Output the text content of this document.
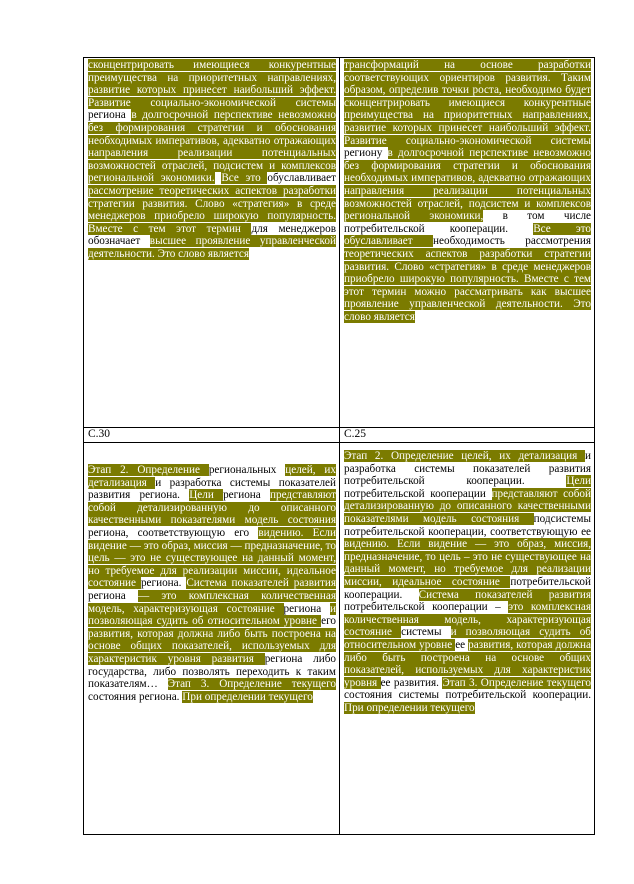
сконцентрировать имеющиеся конкурентные преимущества на приоритетных направлениях, развитие которых принесет наибольший эффект. Развитие социально-экономической системы региона в долгосрочной перспективе невозможно без формирования стратегии и обоснования необходимых императивов, адекватно отражающих направления реализации потенциальных возможностей отраслей, подсистем и комплексов региональной экономики. Все это обуславливает рассмотрение теоретических аспектов разработки стратегии развития. Слово «стратегия» в среде менеджеров приобрело широкую популярность. Вместе с тем этот термин для менеджеров обозначает высшее проявление управленческой деятельности. Это слово является

трансформаций на основе разработки соответствующих ориентиров развития. Таким образом, определив точки роста, необходимо будет сконцентрировать имеющиеся конкурентные преимущества на приоритетных направлениях, развитие которых принесет наибольший эффект. Развитие социально-экономической системы региону в долгосрочной перспективе невозможно без формирования стратегии и обоснования необходимых императивов, адекватно отражающих направления реализации потенциальных возможностей отраслей, подсистем и комплексов региональной экономики, в том числе потребительской кооперации. Все это обуславливает необходимость рассмотрения теоретических аспектов разработки стратегии развития. Слово «стратегия» в среде менеджеров приобрело широкую популярность. Вместе с тем этот термин можно рассматривать как высшее проявление управленческой деятельности. Это слово является

С.30	С.25

Этап 2. Определение региональных целей, их детализация и разработка системы показателей развития региона. Цели региона представляют собой детализированную до описанного качественными показателями модель состояния региона, соответствующую его видению. Если видение — это образ, миссия — предназначение, то цель — это не существующее на данный момент, но требуемое для реализации миссии, идеальное состояние региона. Система показателей развития региона — это комплексная количественная модель, характеризующая состояние региона и позволяющая судить об относительном уровне его развития, которая должна либо быть построена на основе общих показателей, используемых для характеристик уровня развития региона либо государства, либо позволять переходить к таким показателям… Этап 3. Определение текущего состояния региона. При определении текущего

Этап 2. Определение целей, их детализация и разработка системы показателей развития потребительской кооперации. Цели потребительской кооперации представляют собой детализированную до описанного качественными показателями модель состояния подсистемы потребительской кооперации, соответствующую ее видению. Если видение — это образ, миссия, предназначение, то цель – это не существующее на данный момент, но требуемое для реализации миссии, идеальное состояние потребительской кооперации. Система показателей развития потребительской кооперации – это комплексная количественная модель, характеризующая состояние системы и позволяющая судить об относительном уровне ее развития, которая должна либо быть построена на основе общих показателей, используемых для характеристик уровня ее развития. Этап 3. Определение текущего состояния системы потребительской кооперации. При определении текущего
